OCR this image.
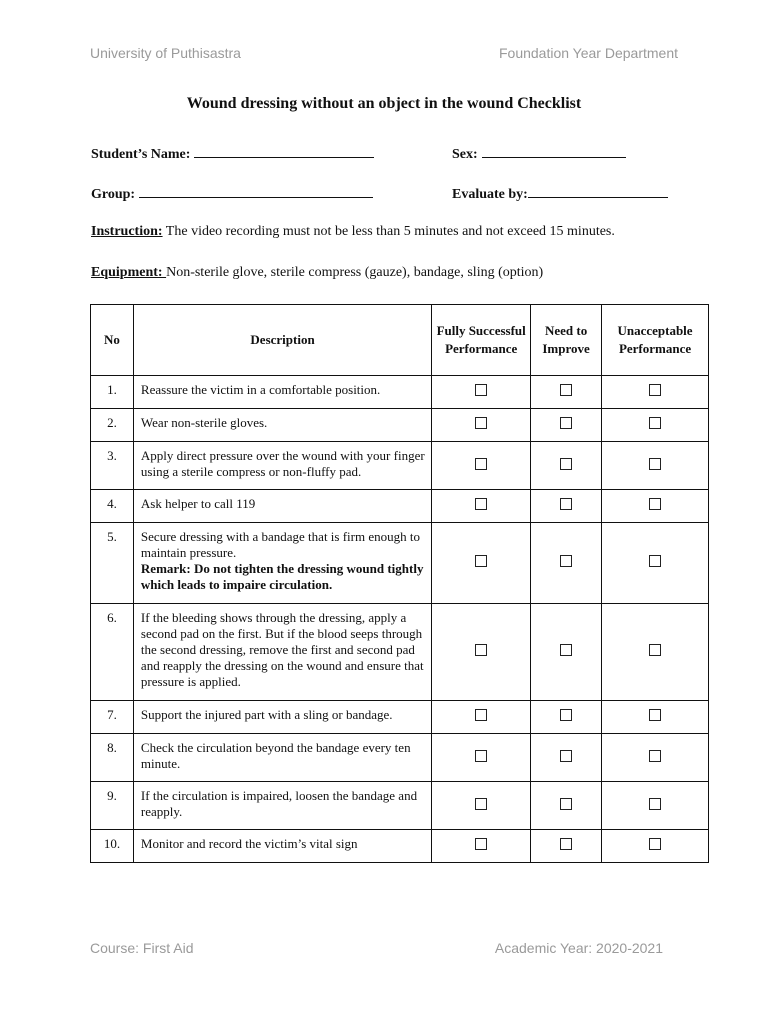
University of Puthisastra	Foundation Year Department
Wound dressing without an object in the wound Checklist
Student’s Name:	Sex:
Group:	Evaluate by:
Instruction: The video recording must not be less than 5 minutes and not exceed 15 minutes.
Equipment: Non-sterile glove, sterile compress (gauze), bandage, sling (option)
No	Description	Fully Successful Performance	Need to Improve	Unacceptable Performance
1.	Reassure the victim in a comfortable position.			
2.	Wear non-sterile gloves.			
3.	Apply direct pressure over the wound with your finger using a sterile compress or non-fluffy pad.			
4.	Ask helper to call 119			
5.	Secure dressing with a bandage that is firm enough to maintain pressure.
Remark: Do not tighten the dressing wound tightly which leads to impaire circulation.			

6.	If the bleeding shows through the dressing, apply a second pad on the first. But if the blood seeps through the second dressing, remove the first and second pad and reapply the dressing on the wound and ensure that pressure is applied.			
7.	Support the injured part with a sling or bandage.			
8.	Check the circulation beyond the bandage every ten minute.			
9.	If the circulation is impaired, loosen the bandage and reapply.			
10.	Monitor and record the victim’s vital sign			
Course: First Aid	Academic Year: 2020-2021
